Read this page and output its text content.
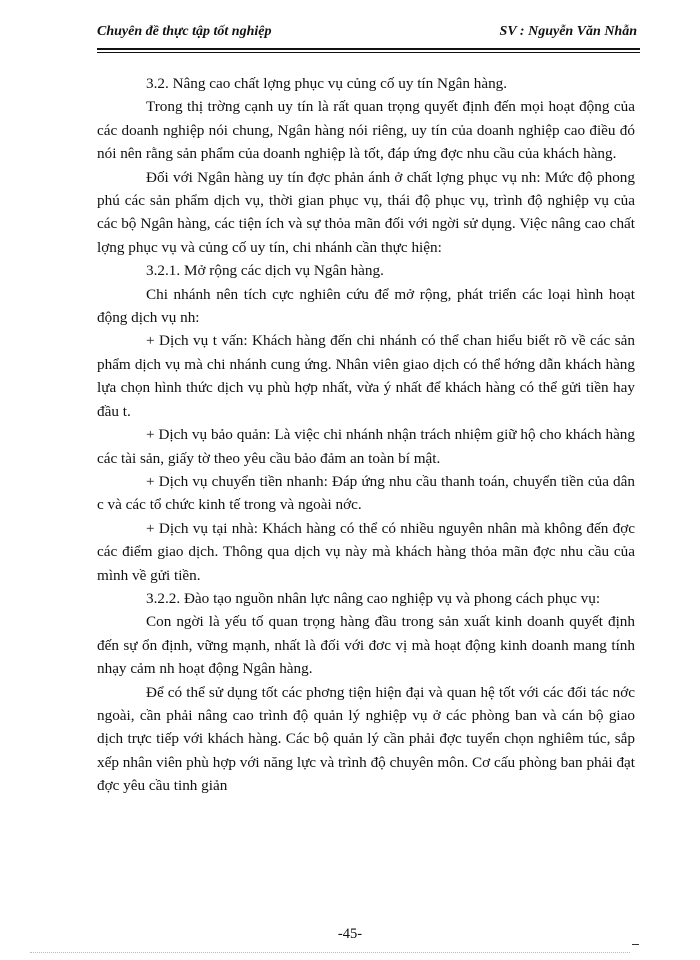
Chuyên đề thực tập tốt nghiệp	SV : Nguyễn Văn Nhẫn

3.2. Nâng cao chất lợng phục vụ củng cố uy tín Ngân hàng.

Trong thị trờng cạnh uy tín là rất quan trọng quyết định đến mọi hoạt động của các doanh nghiệp nói chung, Ngân hàng nói riêng, uy tín của doanh nghiệp cao điều đó nói nên rằng sản phẩm của doanh nghiệp là tốt, đáp ứng đợc nhu cầu của khách hàng.

Đối với Ngân hàng uy tín đợc phản ánh ở chất lợng phục vụ nh: Mức độ phong phú các sản phẩm dịch vụ, thời gian phục vụ, thái độ phục vụ, trình độ nghiệp vụ của các bộ Ngân hàng, các tiện ích và sự thỏa mãn đối với ngời sử dụng. Việc nâng cao chất lợng phục vụ và củng cố uy tín, chi nhánh cần thực hiện:

3.2.1. Mở rộng các dịch vụ Ngân hàng.

Chi nhánh nên tích cực nghiên cứu để mở rộng, phát triển các loại hình hoạt động dịch vụ nh:

+ Dịch vụ t vấn: Khách hàng đến chi nhánh có thể chan hiểu biết rõ về các sản phẩm dịch vụ mà chi nhánh cung ứng. Nhân viên giao dịch có thể hớng dẫn khách hàng lựa chọn hình thức dịch vụ phù hợp nhất, vừa ý nhất để khách hàng có thể gửi tiền hay đầu t.

+ Dịch vụ bảo quản: Là việc chi nhánh nhận trách nhiệm giữ hộ cho khách hàng các tài sản, giấy tờ theo yêu cầu bảo đảm an toàn bí mật.

+ Dịch vụ chuyển tiền nhanh: Đáp ứng nhu cầu thanh toán, chuyển tiền của dân c và các tổ chức kinh tế trong và ngoài nớc.

+ Dịch vụ tại nhà: Khách hàng có thể có nhiều nguyên nhân mà không đến đợc các điểm giao dịch. Thông qua dịch vụ này mà khách hàng thỏa mãn đợc nhu cầu của mình về gửi tiền.

3.2.2. Đào tạo nguồn nhân lực nâng cao nghiệp vụ và phong cách phục vụ:

Con ngời là yếu tố quan trọng hàng đầu trong sản xuất kinh doanh quyết định đến sự ổn định, vững mạnh, nhất là đối với đơc vị mà hoạt động kinh doanh mang tính nhạy cảm nh hoạt động Ngân hàng.

Để có thể sử dụng tốt các phơng tiện hiện đại và quan hệ tốt với các đối tác nớc ngoài, cần phải nâng cao trình độ quản lý nghiệp vụ ở các phòng ban và cán bộ giao dịch trực tiếp với khách hàng. Các bộ quản lý cần phải đợc tuyển chọn nghiêm túc, sắp xếp nhân viên phù hợp với năng lực và trình độ chuyên môn. Cơ cấu phòng ban phải đạt đợc yêu cầu tinh giản

-45-
